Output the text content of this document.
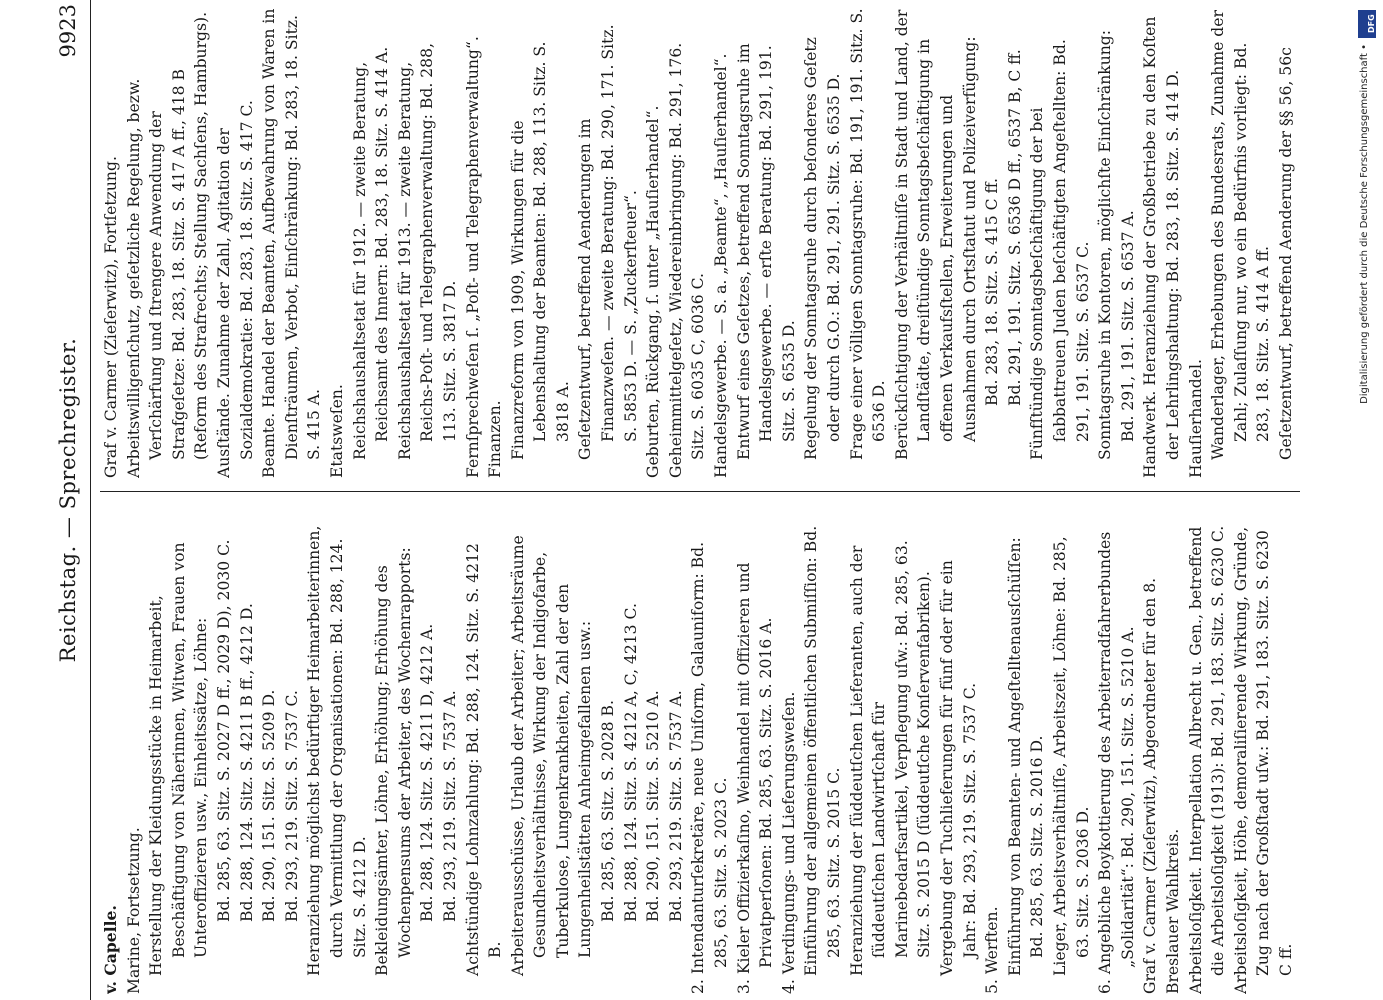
Reichstag. — Sprechregister.
9923

v. Capelle. Marine, Fortsetzung. Herstellung der Kleidungsstücke in Heimarbeit, Beschäftigung von Näherinnen, Witwen, Frauen von Unteroffizieren usw., Einheitssätze, Löhne: Bd. 285, 63. Sitz. S. 2027 D ff., 2029 D), 2030 C. Bd. 288, 124. Sitz. S. 4211 B ff., 4212 D. Bd. 290, 151. Sitz. S. 5209 D. Bd. 293, 219. Sitz. S. 7537 C. Heranziehung möglichst bedürftiger Heimarbeiterinnen, durch Vermittlung der Organisationen: Bd. 288, 124. Sitz. S. 4212 D. Bekleidungsämter, Löhne, Erhöhung; Erhöhung des Wochenpensums der Arbeiter, des Wochenrapports: Bd. 288, 124. Sitz. S. 4211 D, 4212 A. Bd. 293, 219. Sitz. S. 7537 A. Achtstündige Lohnzahlung: Bd. 288, 124. Sitz. S. 4212 B. Arbeiterausschüsse, Urlaub der Arbeiter; Arbeitsräume Gesundheitsverhältnisse, Wirkung der Indigofarbe, Tuberkulose, Lungenkrankheiten, Zahl der den Lungenheilstätten Anheimgefallenen usw.: Bd. 285, 63. Sitz. S. 2028 B. Bd. 288, 124. Sitz. S. 4212 A, C, 4213 C. Bd. 290, 151. Sitz. S. 5210 A. Bd. 293, 219. Sitz. S. 7537 A. 2. Intendanturſekretäre, neue Uniform, Galauniform: Bd. 285, 63. Sitz. S. 2023 C. 3. Kieler Offizierkaſino, Weinhandel mit Offizieren und Privatperſonen: Bd. 285, 63. Sitz. S. 2016 A. 4. Verdingungs- und Lieferungsweſen. Einführung der allgemeinen öffentlichen Submiſſion: Bd. 285, 63. Sitz. S. 2015 C. Heranziehung der ſüddeutſchen Lieferanten, auch der ſüddeutſchen Landwirtſchaft für Marinebedarfsartikel, Verpflegung uſw.: Bd. 285, 63. Sitz. S. 2015 D (ſüddeutſche Konſervenfabriken). Vergebung der Tuchlieferungen für fünf oder für ein Jahr: Bd. 293, 219. Sitz. S. 7537 C. 5. Werften. Einführung von Beamten- und Angeſtelltenausſchüſſen: Bd. 285, 63. Sitz. S. 2016 D. Lieger, Arbeitsverhältniſſe, Arbeitszeit, Löhne: Bd. 285, 63. Sitz. S. 2036 D. 6. Angebliche Boykottierung des Arbeiterradfahrerbundes „Solidarität“: Bd. 290, 151. Sitz. S. 5210 A. Graf v. Carmer (Zieſerwitz), Abgeordneter für den 8. Breslauer Wahlkreis. Arbeitsloſigkeit. Interpellation Albrecht u. Gen., betreffend die Arbeitsloſigkeit (1913): Bd. 291, 183. Sitz. S. 6230 C. Arbeitsloſigkeit, Höhe, demoraliſierende Wirkung, Gründe, Zug nach der Großſtadt uſw.: Bd. 291, 183. Sitz. S. 6230 C ff.

Graf v. Carmer (Zieſerwitz), Fortſetzung. Arbeitswilligenſchutz, geſetzliche Regelung, bezw. Verſchärfung und ſtrengere Anwendung der Strafgeſetze: Bd. 283, 18. Sitz. S. 417 A ff., 418 B (Reform des Strafrechts; Stellung Sachſens, Hamburgs). Ausſtände. Zunahme der Zahl, Agitation der Sozialdemokratie: Bd. 283, 18. Sitz. S. 417 C. Beamte. Handel der Beamten, Aufbewahrung von Waren in Dienſträumen, Verbot, Einſchränkung: Bd. 283, 18. Sitz. S. 415 A. Etatsweſen. Reichshaushaltsetat für 1912. — zweite Beratung, Reichsamt des Innern: Bd. 283, 18. Sitz. S. 414 A. Reichshaushaltsetat für 1913. — zweite Beratung, Reichs-Poſt- und Telegraphenverwaltung: Bd. 288, 113. Sitz. S. 3817 D. Fernſprechweſen ſ. „Poſt- und Telegraphenverwaltung“. Finanzen. Finanzreform von 1909, Wirkungen für die Lebenshaltung der Beamten: Bd. 288, 113. Sitz. S. 3818 A. Geſetzentwurf, betreffend Aenderungen im Finanzweſen. — zweite Beratung: Bd. 290, 171. Sitz. S. 5853 D. — S. „Zuckerſteuer“. Geburten, Rückgang, ſ. unter „Hauſierhandel“. Geheimmittelgeſetz, Wiedereinbringung: Bd. 291, 176. Sitz. S. 6035 C, 6036 C. Handelsgewerbe. — S. a. „Beamte“, „Hauſierhandel“. Entwurf eines Geſetzes, betreffend Sonntagsruhe im Handelsgewerbe. — erſte Beratung: Bd. 291, 191. Sitz. S. 6535 D. Regelung der Sonntagsruhe durch beſonderes Geſetz oder durch G.O.: Bd. 291, 291. Sitz. S. 6535 D. Frage einer völligen Sonntagsruhe: Bd. 191, 191. Sitz. S. 6536 D. Berückſichtigung der Verhältniſſe in Stadt und Land, der Landſtädte, dreiſtündige Sonntagsbeſchäftigung in offenen Verkaufsſtellen, Erweiterungen und Ausnahmen durch Ortsſtatut und Polizeiverfügung: Bd. 283, 18. Sitz. S. 415 C ff. Bd. 291, 191. Sitz. S. 6536 D ff., 6537 B, C ff. Fünfſtündige Sonntagsbeſchäftigung der bei ſabbattreuen Juden beſchäftigten Angeſtellten: Bd. 291, 191. Sitz. S. 6537 C. Sonntagsruhe in Kontoren, möglichſte Einſchränkung: Bd. 291, 191. Sitz. S. 6537 A. Handwerk. Heranziehung der Großbetriebe zu den Koſten der Lehrlingshaltung: Bd. 283, 18. Sitz. S. 414 D. Hauſierhandel. Wanderlager, Erhebungen des Bundesrats, Zunahme der Zahl; Zulaſſung nur, wo ein Bedürfnis vorliegt: Bd. 283, 18. Sitz. S. 414 A ff. Geſetzentwurf, betreffend Aenderung der §§ 56, 56c

DFG
Digitalisierung gefördert durch die Deutsche Forschungsgemeinschaft •
